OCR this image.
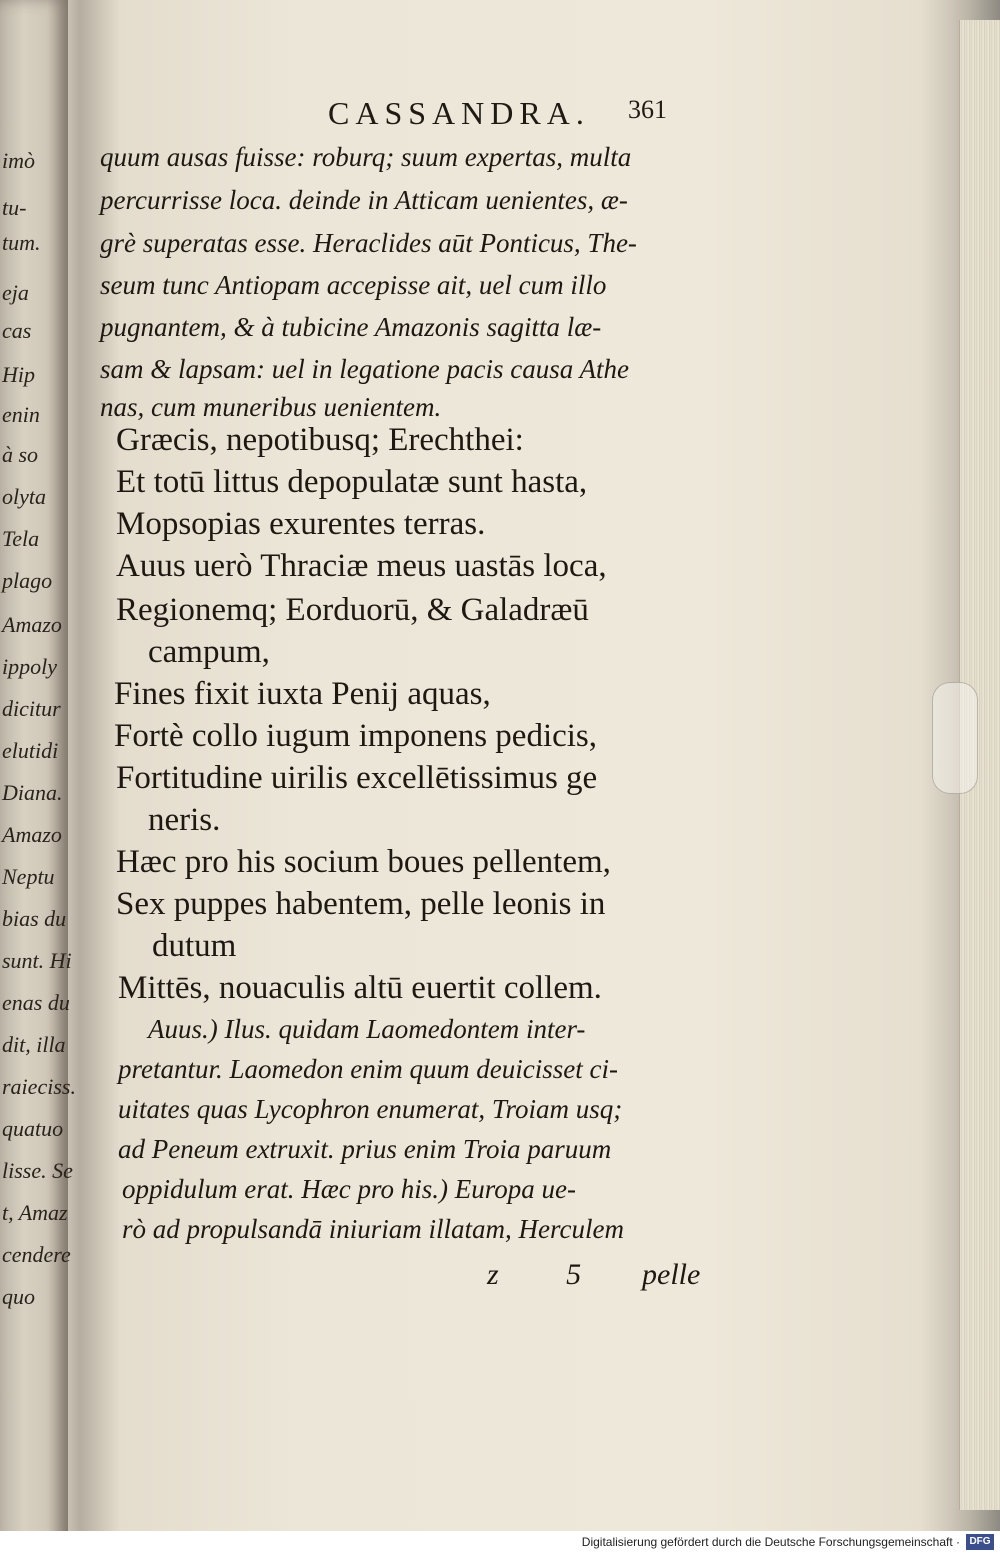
imò
tu-
tum.
eja
cas
Hip
enin
à so
olyta
Tela
plago
Amazo
ippoly
dicitur
elutidi
Diana.
Amazo
Neptu
bias du
sunt. Hi
enas du
dit, illa
raieciss.
quatuo
lisse. Se
t, Amaz
cendere
quo
CASSANDRA. 361
quum ausas fuisse: roburq; suum expertas, multa
percurrisse loca. deinde in Atticam uenientes, æ-
grè superatas esse. Heraclides aūt Ponticus, The-
seum tunc Antiopam accepisse ait, uel cum illo
pugnantem, & à tubicine Amazonis sagitta læ-
sam & lapsam: uel in legatione pacis causa Athe
nas, cum muneribus uenientem.
Græcis, nepotibusq; Erechthei:
Et totū littus depopulatæ sunt hasta,
Mopsopias exurentes terras.
Auus uerò Thraciæ meus uastās loca,
Regionemq; Eorduorū, & Galadræū
campum,
Fines fixit iuxta Penij aquas,
Fortè collo iugum imponens pedicis,
Fortitudine uirilis excellētissimus ge
neris.
Hæc pro his socium boues pellentem,
Sex puppes habentem, pelle leonis in
dutum
Mittēs, nouaculis altū euertit collem.
Auus.) Ilus. quidam Laomedontem inter-
pretantur. Laomedon enim quum deuicisset ci-
uitates quas Lycophron enumerat, Troiam usq;
ad Peneum extruxit. prius enim Troia paruum
oppidulum erat. Hæc pro his.) Europa ue-
rò ad propulsandā iniuriam illatam, Herculem
z 5 pelle
Digitalisierung gefördert durch die Deutsche Forschungsgemeinschaft · DFG
